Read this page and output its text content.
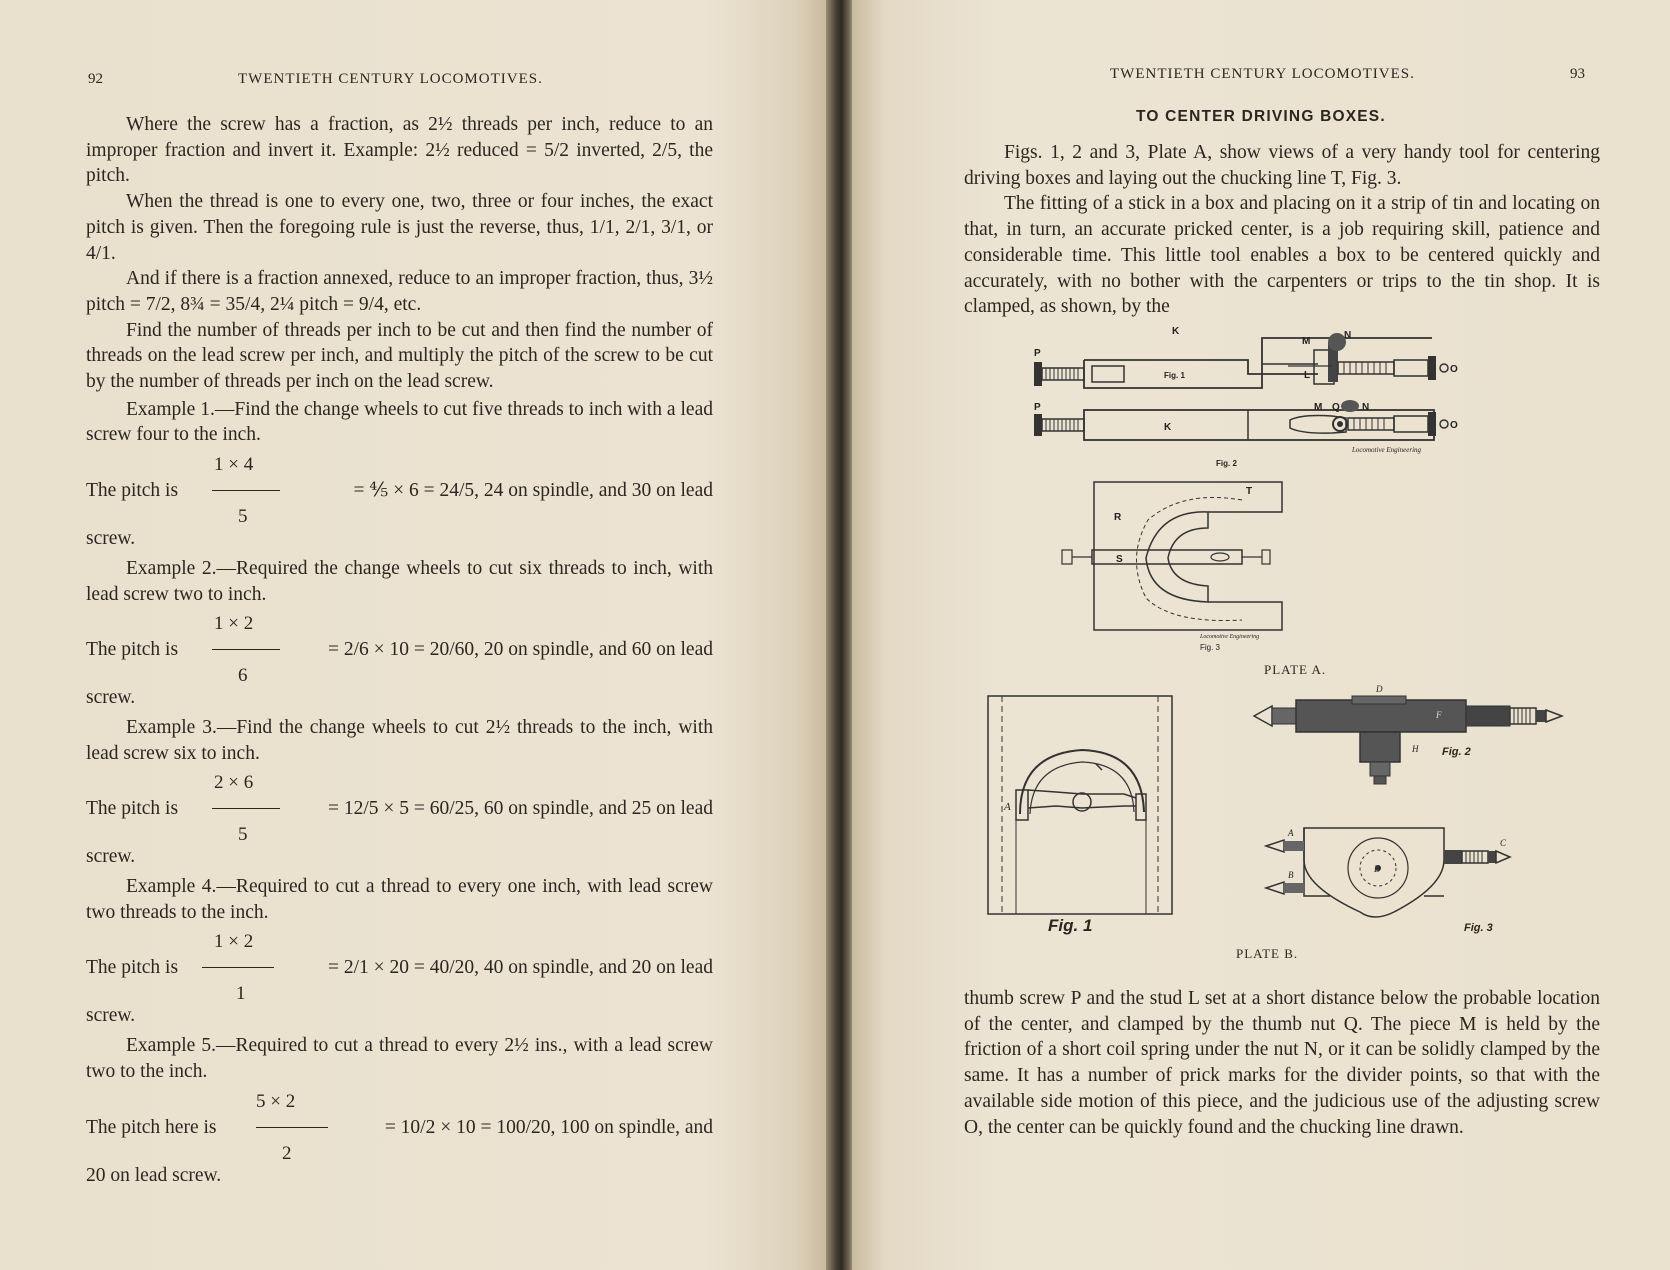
92	TWENTIETH CENTURY LOCOMOTIVES.

Where the screw has a fraction, as 2½ threads per inch, reduce to an improper fraction and invert it. Example: 2½ reduced = 5/2 inverted, 2/5, the pitch.

When the thread is one to every one, two, three or four inches, the exact pitch is given. Then the foregoing rule is just the reverse, thus, 1/1, 2/1, 3/1, or 4/1.

And if there is a fraction annexed, reduce to an improper fraction, thus, 3½ pitch = 7/2, 8¾ = 35/4, 2¼ pitch = 9/4, etc.

Find the number of threads per inch to be cut and then find the number of threads on the lead screw per inch, and multiply the pitch of the screw to be cut by the number of threads per inch on the lead screw.

Example 1.—Find the change wheels to cut five threads to inch with a lead screw four to the inch.

1 × 4
The pitch is	= ⅘ × 6 = 24/5, 24 on spindle, and 30 on lead
5

screw.

Example 2.—Required the change wheels to cut six threads to inch, with lead screw two to inch.

1 × 2
The pitch is	= 2/6 × 10 = 20/60, 20 on spindle, and 60 on lead
6

screw.

Example 3.—Find the change wheels to cut 2½ threads to the inch, with lead screw six to inch.

2 × 6
The pitch is	= 12/5 × 5 = 60/25, 60 on spindle, and 25 on lead
5

screw.

Example 4.—Required to cut a thread to every one inch, with lead screw two threads to the inch.

1 × 2
The pitch is	= 2/1 × 20 = 40/20, 40 on spindle, and 20 on lead
1

screw.

Example 5.—Required to cut a thread to every 2½ ins., with a lead screw two to the inch.

5 × 2
The pitch here is	= 10/2 × 10 = 100/20, 100 on spindle, and
2

20 on lead screw.

TWENTIETH CENTURY LOCOMOTIVES.	93
TO CENTER DRIVING BOXES.

Figs. 1, 2 and 3, Plate A, show views of a very handy tool for centering driving boxes and laying out the chucking line T, Fig. 3.

The fitting of a stick in a box and placing on it a strip of tin and locating on that, in turn, an accurate pricked center, is a job requiring skill, patience and considerable time. This little tool enables a box to be centered quickly and accurately, with no bother with the carpenters or trips to the tin shop. It is clamped, as shown, by the

P
K
M
N
L
O
Fig. 1
P
K
M Q N
O
Locomotive Engineering
Fig. 2
T
R
S
Locomotive Engineering
Fig. 3
PLATE A.
A
Fig. 1
D
H
F
Fig. 2
A
B
C
D
Fig. 3
PLATE B.

thumb screw P and the stud L set at a short distance below the probable location of the center, and clamped by the thumb nut Q. The piece M is held by the friction of a short coil spring under the nut N, or it can be solidly clamped by the same. It has a number of prick marks for the divider points, so that with the available side motion of this piece, and the judicious use of the adjusting screw O, the center can be quickly found and the chucking line drawn.
